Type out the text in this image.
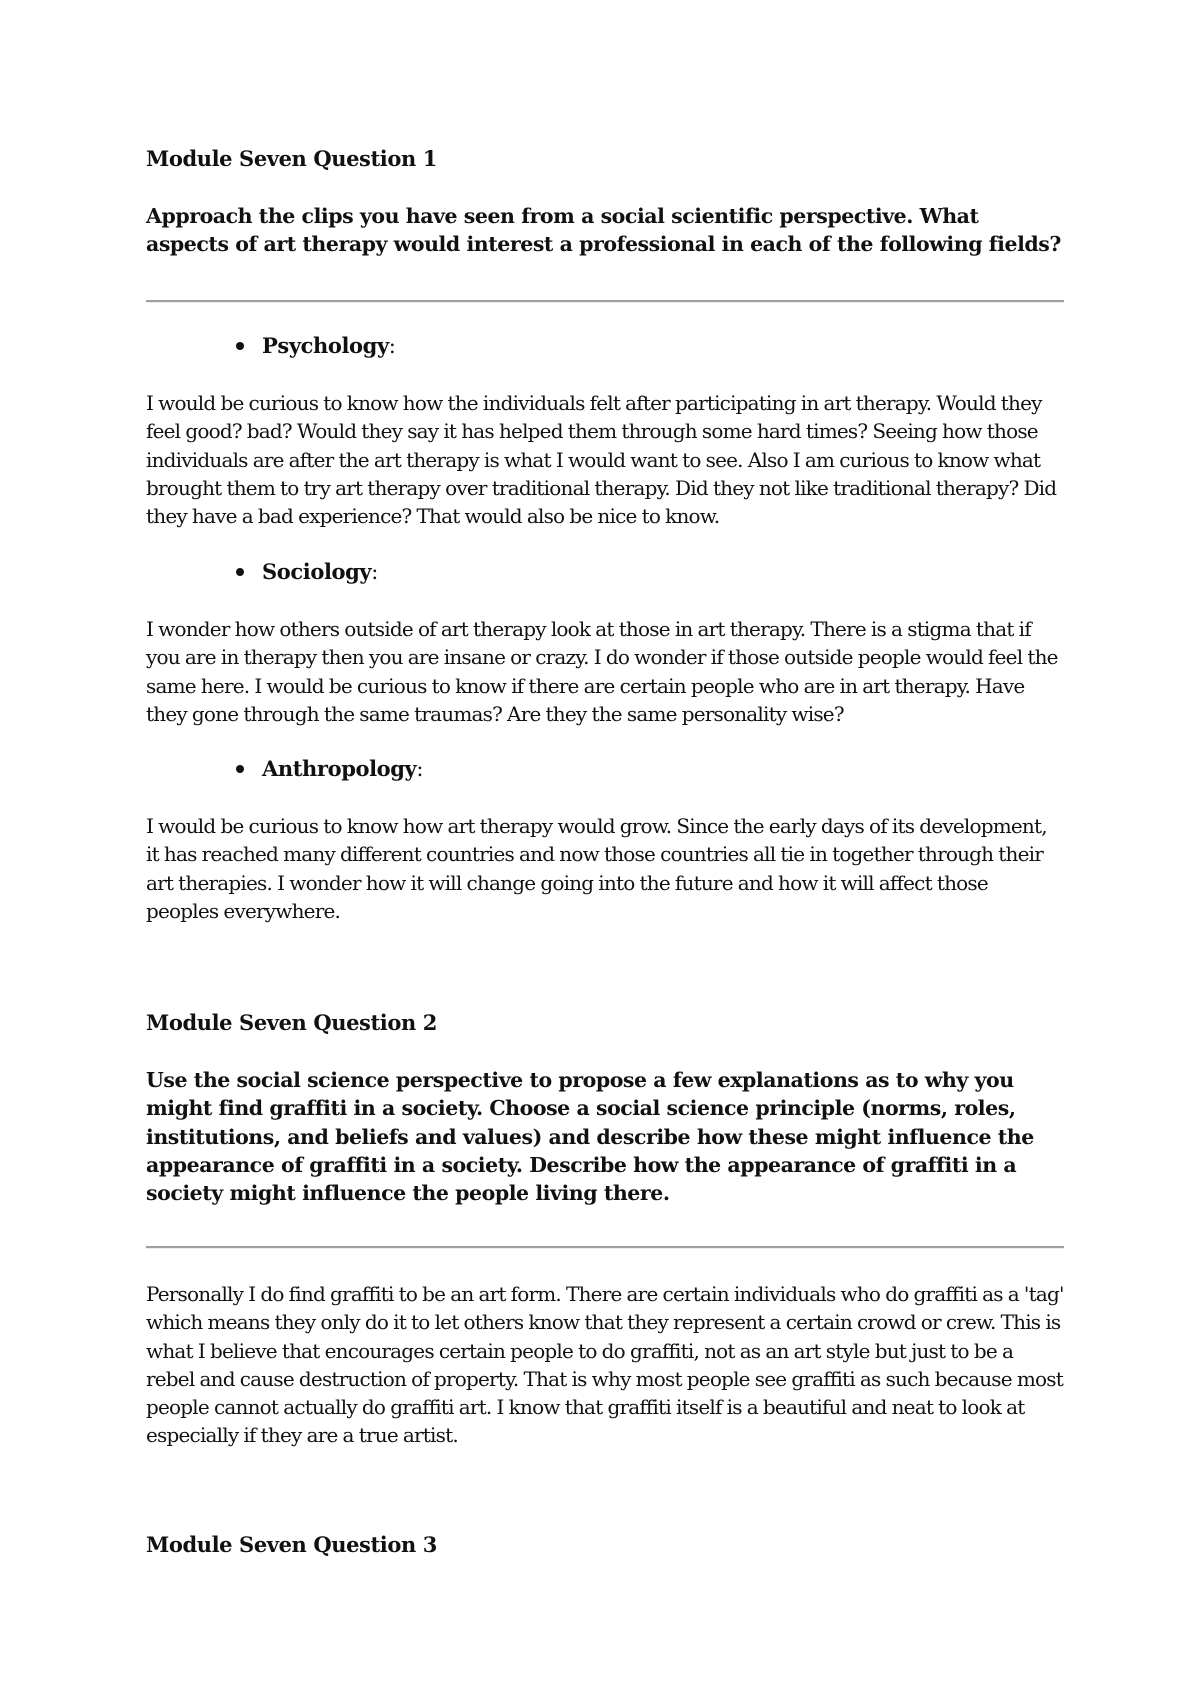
Module Seven Question 1

Approach the clips you have seen from a social scientific perspective. What aspects of art therapy would interest a professional in each of the following fields?

Psychology:

I would be curious to know how the individuals felt after participating in art therapy. Would they feel good? bad? Would they say it has helped them through some hard times? Seeing how those individuals are after the art therapy is what I would want to see. Also I am curious to know what brought them to try art therapy over traditional therapy. Did they not like traditional therapy? Did they have a bad experience? That would also be nice to know.

Sociology:

I wonder how others outside of art therapy look at those in art therapy. There is a stigma that if you are in therapy then you are insane or crazy. I do wonder if those outside people would feel the same here. I would be curious to know if there are certain people who are in art therapy. Have they gone through the same traumas? Are they the same personality wise?

Anthropology:

I would be curious to know how art therapy would grow. Since the early days of its development, it has reached many different countries and now those countries all tie in together through their art therapies. I wonder how it will change going into the future and how it will affect those peoples everywhere.

Module Seven Question 2

Use the social science perspective to propose a few explanations as to why you might find graffiti in a society. Choose a social science principle (norms, roles, institutions, and beliefs and values) and describe how these might influence the appearance of graffiti in a society. Describe how the appearance of graffiti in a society might influence the people living there.

Personally I do find graffiti to be an art form. There are certain individuals who do graffiti as a 'tag' which means they only do it to let others know that they represent a certain crowd or crew. This is what I believe that encourages certain people to do graffiti, not as an art style but just to be a rebel and cause destruction of property. That is why most people see graffiti as such because most people cannot actually do graffiti art. I know that graffiti itself is a beautiful and neat to look at especially if they are a true artist.

Module Seven Question 3
